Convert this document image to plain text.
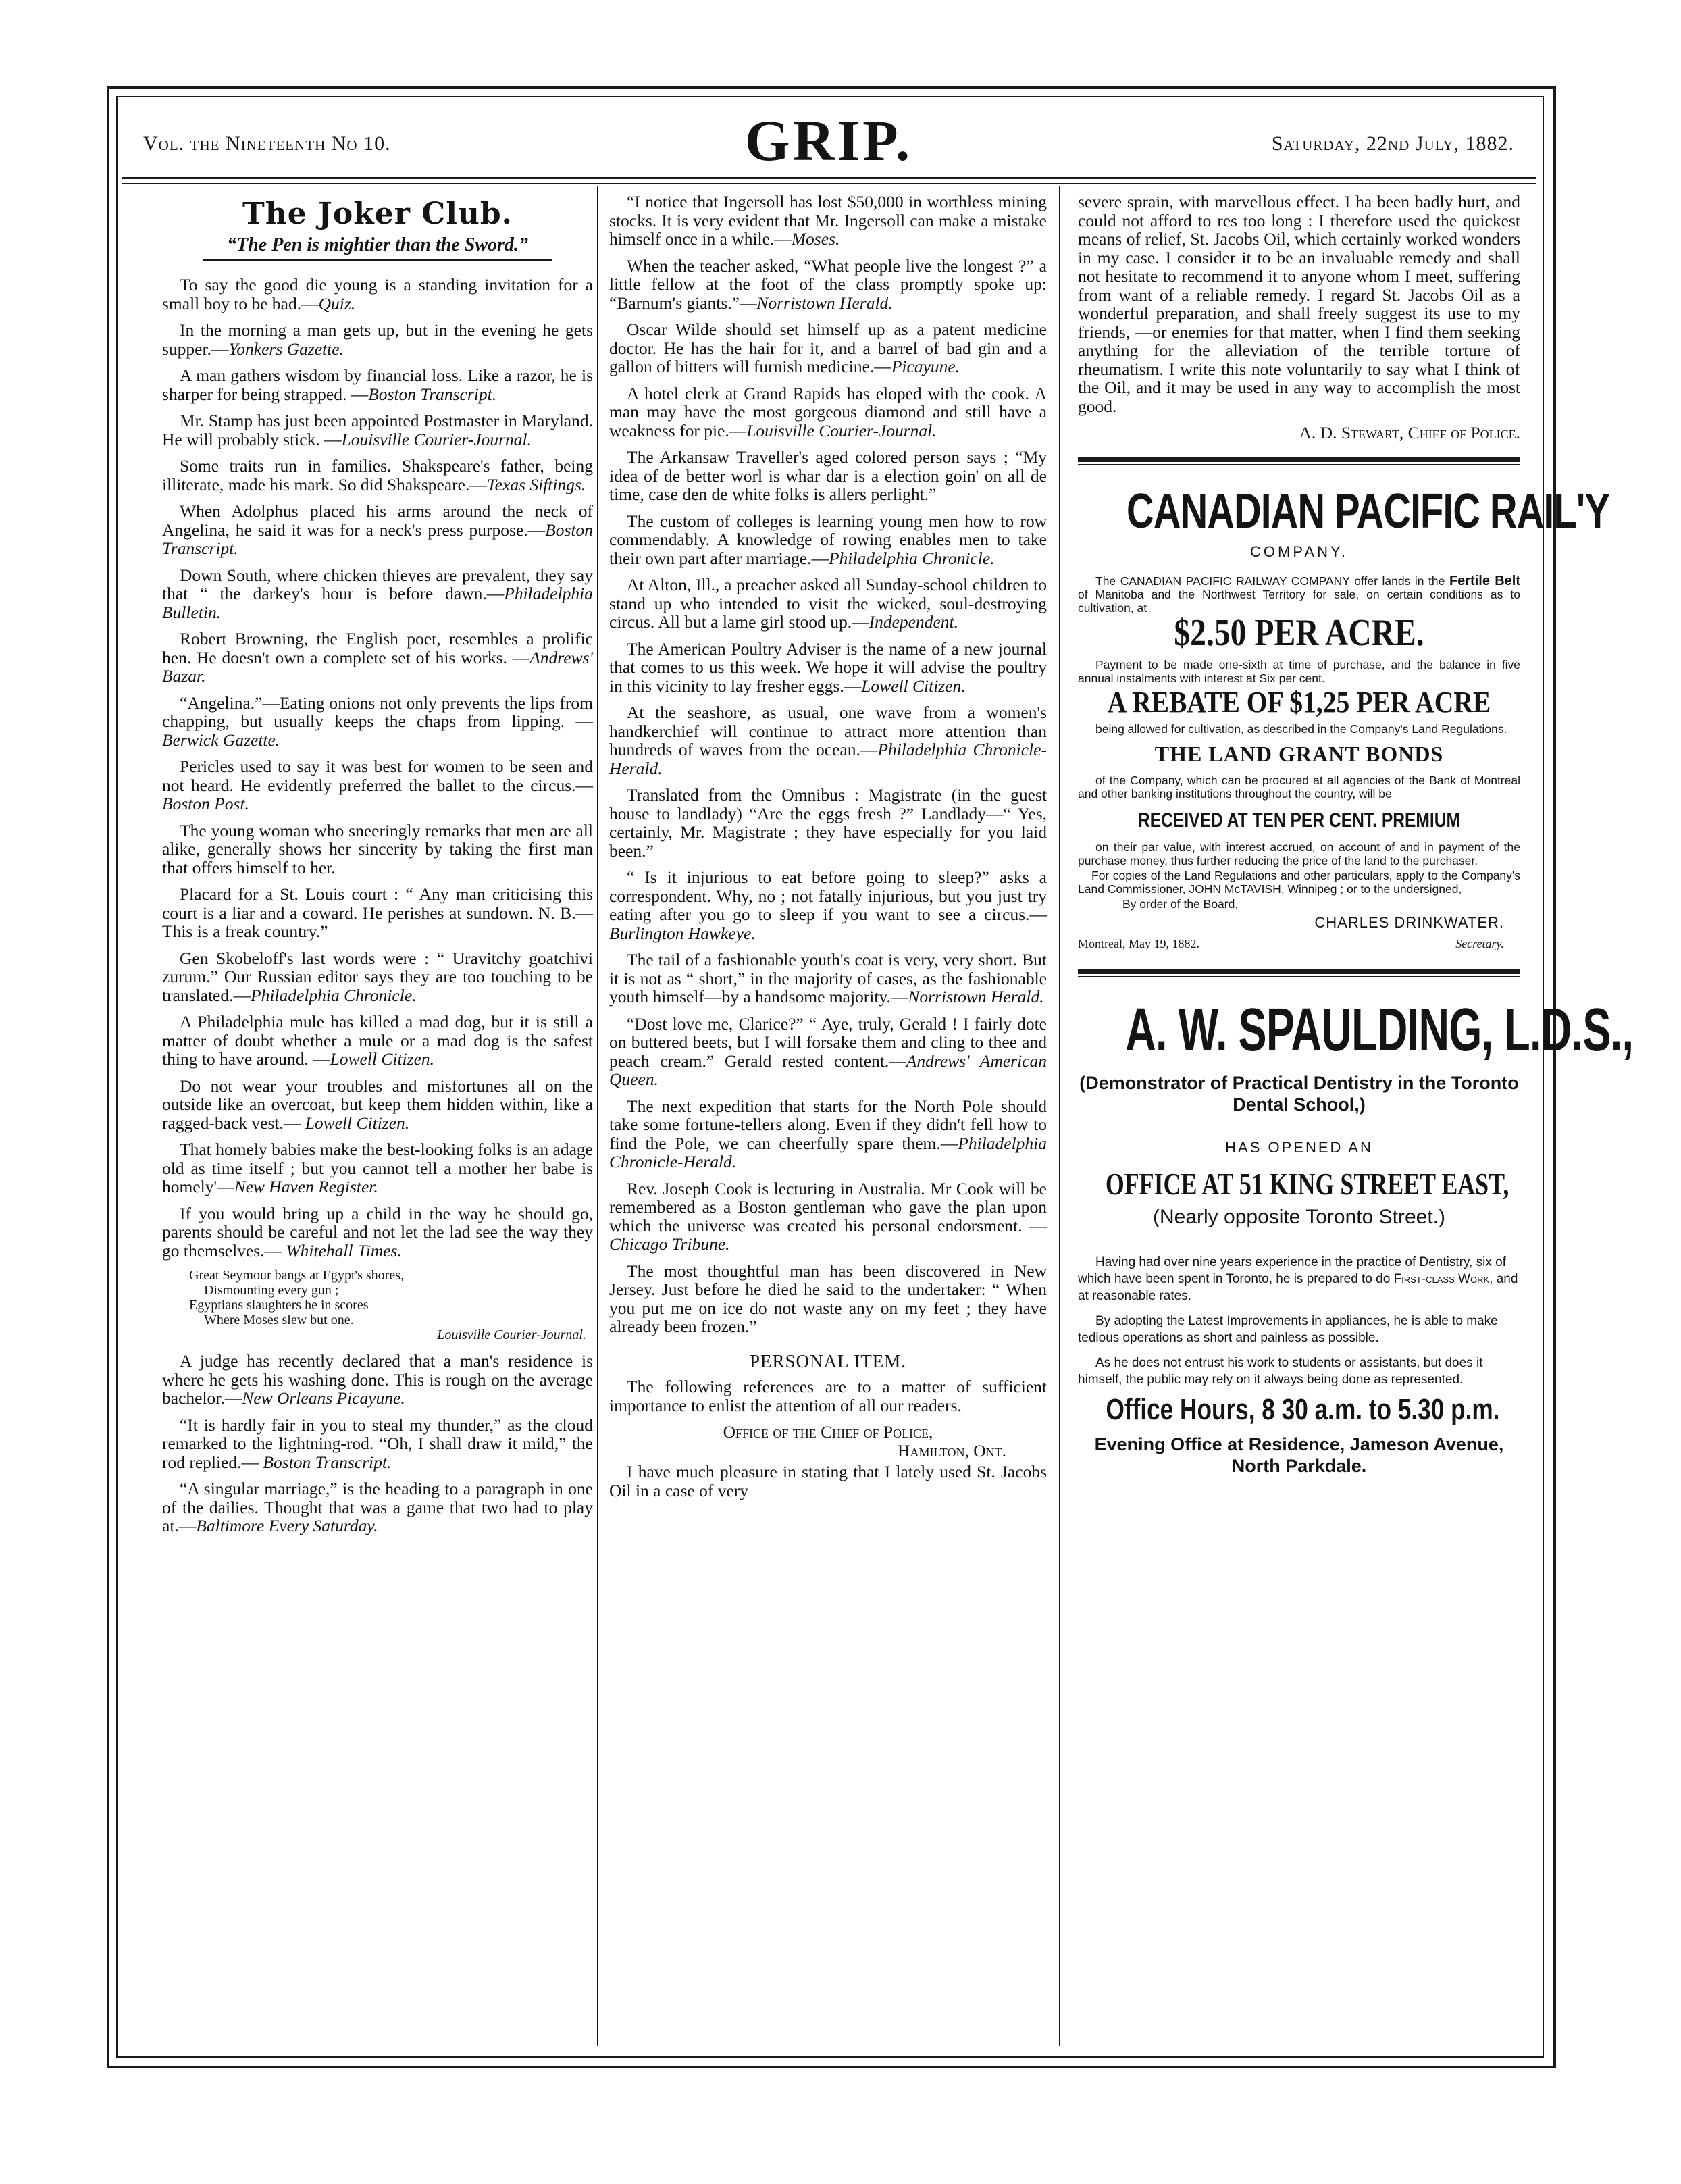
Vol. the Nineteenth No 10.	GRIP.	Saturday, 22nd July, 1882.
The Joker Club.
“The Pen is mightier than the Sword.”

To say the good die young is a standing invitation for a small boy to be bad.—Quiz.

In the morning a man gets up, but in the evening he gets supper.—Yonkers Gazette.

A man gathers wisdom by financial loss. Like a razor, he is sharper for being strapped. —Boston Transcript.

Mr. Stamp has just been appointed Postmaster in Maryland. He will probably stick. —Louisville Courier-Journal.

Some traits run in families. Shakspeare's father, being illiterate, made his mark. So did Shakspeare.—Texas Siftings.

When Adolphus placed his arms around the neck of Angelina, he said it was for a neck's press purpose.—Boston Transcript.

Down South, where chicken thieves are prevalent, they say that “ the darkey's hour is before dawn.—Philadelphia Bulletin.

Robert Browning, the English poet, resembles a prolific hen. He doesn't own a complete set of his works. —Andrews' Bazar.

“Angelina.”—Eating onions not only prevents the lips from chapping, but usually keeps the chaps from lipping. —Berwick Gazette.

Pericles used to say it was best for women to be seen and not heard. He evidently preferred the ballet to the circus.—Boston Post.

The young woman who sneeringly remarks that men are all alike, generally shows her sincerity by taking the first man that offers himself to her.

Placard for a St. Louis court : “ Any man criticising this court is a liar and a coward. He perishes at sundown. N. B.—This is a freak country.”

Gen Skobeloff's last words were : “ Uravitchy goatchivi zurum.” Our Russian editor says they are too touching to be translated.—Philadelphia Chronicle.

A Philadelphia mule has killed a mad dog, but it is still a matter of doubt whether a mule or a mad dog is the safest thing to have around. —Lowell Citizen.

Do not wear your troubles and misfortunes all on the outside like an overcoat, but keep them hidden within, like a ragged-back vest.— Lowell Citizen.

That homely babies make the best-looking folks is an adage old as time itself ; but you cannot tell a mother her babe is homely'—New Haven Register.

If you would bring up a child in the way he should go, parents should be careful and not let the lad see the way they go themselves.— Whitehall Times.

Great Seymour bangs at Egypt's shores,
Dismounting every gun ;
Egyptians slaughters he in scores
Where Moses slew but one.
—Louisville Courier-Journal.

A judge has recently declared that a man's residence is where he gets his washing done. This is rough on the average bachelor.—New Orleans Picayune.

“It is hardly fair in you to steal my thunder,” as the cloud remarked to the lightning-rod. “Oh, I shall draw it mild,” the rod replied.— Boston Transcript.

“A singular marriage,” is the heading to a paragraph in one of the dailies. Thought that was a game that two had to play at.—Baltimore Every Saturday.

“I notice that Ingersoll has lost $50,000 in worthless mining stocks. It is very evident that Mr. Ingersoll can make a mistake himself once in a while.—Moses.

When the teacher asked, “What people live the longest ?” a little fellow at the foot of the class promptly spoke up: “Barnum's giants.”—Norristown Herald.

Oscar Wilde should set himself up as a patent medicine doctor. He has the hair for it, and a barrel of bad gin and a gallon of bitters will furnish medicine.—Picayune.

A hotel clerk at Grand Rapids has eloped with the cook. A man may have the most gorgeous diamond and still have a weakness for pie.—Louisville Courier-Journal.

The Arkansaw Traveller's aged colored person says ; “My idea of de better worl is whar dar is a election goin' on all de time, case den de white folks is allers perlight.”

The custom of colleges is learning young men how to row commendably. A knowledge of rowing enables men to take their own part after marriage.—Philadelphia Chronicle.

At Alton, Ill., a preacher asked all Sunday-school children to stand up who intended to visit the wicked, soul-destroying circus. All but a lame girl stood up.—Independent.

The American Poultry Adviser is the name of a new journal that comes to us this week. We hope it will advise the poultry in this vicinity to lay fresher eggs.—Lowell Citizen.

At the seashore, as usual, one wave from a women's handkerchief will continue to attract more attention than hundreds of waves from the ocean.—Philadelphia Chronicle-Herald.

Translated from the Omnibus : Magistrate (in the guest house to landlady) “Are the eggs fresh ?” Landlady—“ Yes, certainly, Mr. Magistrate ; they have especially for you laid been.”

“ Is it injurious to eat before going to sleep?” asks a correspondent. Why, no ; not fatally injurious, but you just try eating after you go to sleep if you want to see a circus.—Burlington Hawkeye.

The tail of a fashionable youth's coat is very, very short. But it is not as “ short,” in the majority of cases, as the fashionable youth himself—by a handsome majority.—Norristown Herald.

“Dost love me, Clarice?” “ Aye, truly, Gerald ! I fairly dote on buttered beets, but I will forsake them and cling to thee and peach cream.” Gerald rested content.—Andrews' American Queen.

The next expedition that starts for the North Pole should take some fortune-tellers along. Even if they didn't fell how to find the Pole, we can cheerfully spare them.—Philadelphia Chronicle-Herald.

Rev. Joseph Cook is lecturing in Australia. Mr Cook will be remembered as a Boston gentleman who gave the plan upon which the universe was created his personal endorsment. —Chicago Tribune.

The most thoughtful man has been discovered in New Jersey. Just before he died he said to the undertaker: “ When you put me on ice do not waste any on my feet ; they have already been frozen.”

PERSONAL ITEM.

The following references are to a matter of sufficient importance to enlist the attention of all our readers.

Office of the Chief of Police,
Hamilton, Ont.

I have much pleasure in stating that I lately used St. Jacobs Oil in a case of very

severe sprain, with marvellous effect. I ha been badly hurt, and could not afford to res too long : I therefore used the quickest means of relief, St. Jacobs Oil, which certainly worked wonders in my case. I consider it to be an invaluable remedy and shall not hesitate to recommend it to anyone whom I meet, suffering from want of a reliable remedy. I regard St. Jacobs Oil as a wonderful preparation, and shall freely suggest its use to my friends, —or enemies for that matter, when I find them seeking anything for the alleviation of the terrible torture of rheumatism. I write this note voluntarily to say what I think of the Oil, and it may be used in any way to accomplish the most good.

A. D. Stewart, Chief of Police.
CANADIAN PACIFIC RAIL'Y
COMPANY.

The CANADIAN PACIFIC RAILWAY COMPANY offer lands in the Fertile Belt of Manitoba and the Northwest Territory for sale, on certain conditions as to cultivation, at

$2.50 PER ACRE.

Payment to be made one-sixth at time of purchase, and the balance in five annual instalments with interest at Six per cent.

A REBATE OF $1,25 PER ACRE

being allowed for cultivation, as described in the Company's Land Regulations.

THE LAND GRANT BONDS

of the Company, which can be procured at all agencies of the Bank of Montreal and other banking institutions throughout the country, will be

RECEIVED AT TEN PER CENT. PREMIUM

on their par value, with interest accrued, on account of and in payment of the purchase money, thus further reducing the price of the land to the purchaser.

For copies of the Land Regulations and other particulars, apply to the Company's Land Commissioner, JOHN McTAVISH, Winnipeg ; or to the undersigned,

By order of the Board,

CHARLES DRINKWATER.
Montreal, May 19, 1882.	Secretary.
A. W. SPAULDING, L.D.S.,
(Demonstrator of Practical Dentistry in the Toronto Dental School,)
HAS OPENED AN
OFFICE AT 51 KING STREET EAST,
(Nearly opposite Toronto Street.)

Having had over nine years experience in the practice of Dentistry, six of which have been spent in Toronto, he is prepared to do First-class Work, and at reasonable rates.

By adopting the Latest Improvements in appliances, he is able to make tedious operations as short and painless as possible.

As he does not entrust his work to students or assistants, but does it himself, the public may rely on it always being done as represented.

Office Hours, 8 30 a.m. to 5.30 p.m.
Evening Office at Residence, Jameson Avenue, North Parkdale.
